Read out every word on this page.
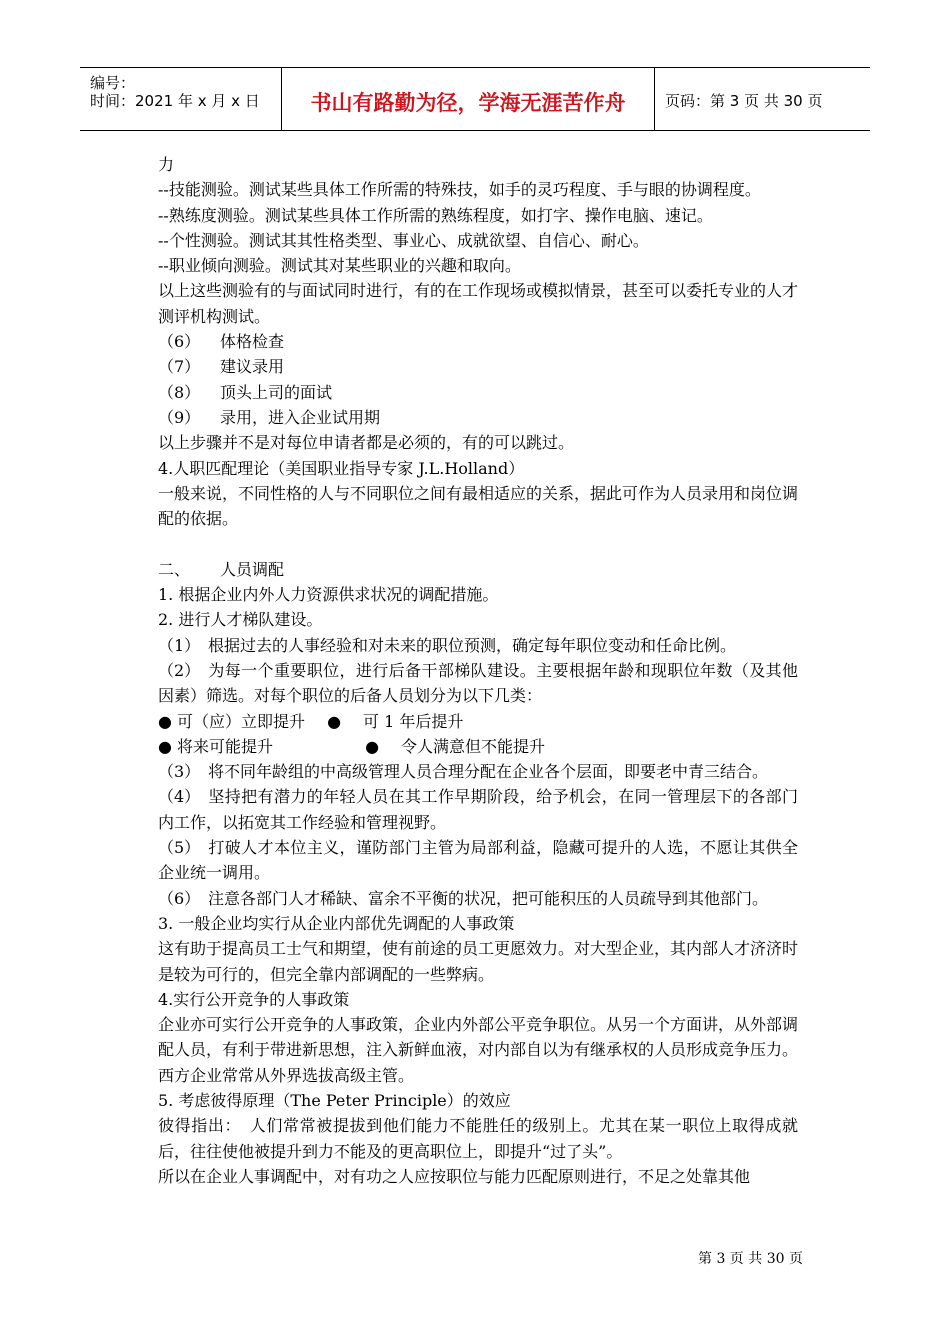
编号：
时间：2021 年 x 月 x 日	书山有路勤为径，学海无涯苦作舟	页码：第 3 页 共 30 页

力

--技能测验。测试某些具体工作所需的特殊技，如手的灵巧程度、手与眼的协调程度。

--熟练度测验。测试某些具体工作所需的熟练程度，如打字、操作电脑、速记。

--个性测验。测试其其性格类型、事业心、成就欲望、自信心、耐心。

--职业倾向测验。测试其对某些职业的兴趣和取向。

以上这些测验有的与面试同时进行，有的在工作现场或模拟情景，甚至可以委托专业的人才测评机构测试。

（6） 体格检查

（7） 建议录用

（8） 顶头上司的面试

（9） 录用，进入企业试用期

以上步骤并不是对每位申请者都是必须的，有的可以跳过。

4.人职匹配理论（美国职业指导专家 J.L.Holland）

一般来说，不同性格的人与不同职位之间有最相适应的关系，据此可作为人员录用和岗位调配的依据。

二、 人员调配

1. 根据企业内外人力资源供求状况的调配措施。

2. 进行人才梯队建设。

（1） 根据过去的人事经验和对未来的职位预测，确定每年职位变动和任命比例。

（2） 为每一个重要职位，进行后备干部梯队建设。主要根据年龄和现职位年数（及其他因素）筛选。对每个职位的后备人员划分为以下几类：

● 可（应）立即提升 ● 可 1 年后提升

● 将来可能提升	● 令人满意但不能提升

（3） 将不同年龄组的中高级管理人员合理分配在企业各个层面，即要老中青三结合。

（4） 坚持把有潜力的年轻人员在其工作早期阶段，给予机会，在同一管理层下的各部门内工作，以拓宽其工作经验和管理视野。

（5） 打破人才本位主义，谨防部门主管为局部利益，隐藏可提升的人选，不愿让其供全企业统一调用。

（6） 注意各部门人才稀缺、富余不平衡的状况，把可能积压的人员疏导到其他部门。

3. 一般企业均实行从企业内部优先调配的人事政策

这有助于提高员工士气和期望，使有前途的员工更愿效力。对大型企业，其内部人才济济时是较为可行的，但完全靠内部调配的一些弊病。

4.实行公开竞争的人事政策

企业亦可实行公开竞争的人事政策，企业内外部公平竞争职位。从另一个方面讲，从外部调配人员，有利于带进新思想，注入新鲜血液，对内部自以为有继承权的人员形成竞争压力。西方企业常常从外界选拔高级主管。

5. 考虑彼得原理（The Peter Principle）的效应

彼得指出：　人们常常被提拔到他们能力不能胜任的级别上。尤其在某一职位上取得成就后，往往使他被提升到力不能及的更高职位上，即提升“过了头”。

所以在企业人事调配中，对有功之人应按职位与能力匹配原则进行，不足之处靠其他

第 3 页 共 30 页
